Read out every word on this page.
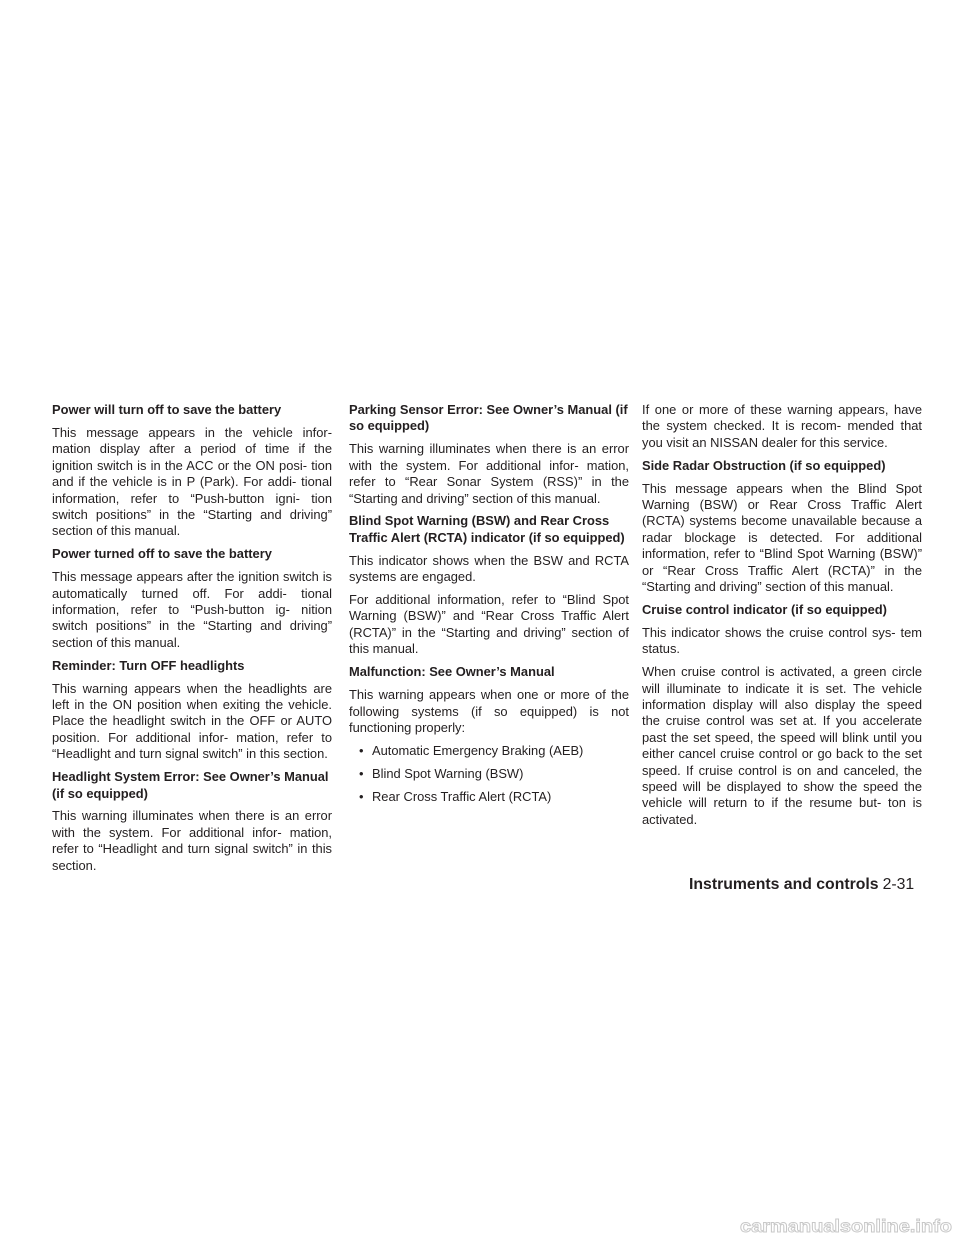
Power will turn off to save the battery
This message appears in the vehicle infor- mation display after a period of time if the ignition switch is in the ACC or the ON posi- tion and if the vehicle is in P (Park). For addi- tional information, refer to “Push-button igni- tion switch positions” in the “Starting and driving” section of this manual.
Power turned off to save the battery
This message appears after the ignition switch is automatically turned off. For addi- tional information, refer to “Push-button ig- nition switch positions” in the “Starting and driving” section of this manual.
Reminder: Turn OFF headlights
This warning appears when the headlights are left in the ON position when exiting the vehicle. Place the headlight switch in the OFF or AUTO position. For additional infor- mation, refer to “Headlight and turn signal switch” in this section.
Headlight System Error: See Owner’s Manual (if so equipped)
This warning illuminates when there is an error with the system. For additional infor- mation, refer to “Headlight and turn signal switch” in this section.
Parking Sensor Error: See Owner’s Manual (if so equipped)
This warning illuminates when there is an error with the system. For additional infor- mation, refer to “Rear Sonar System (RSS)” in the “Starting and driving” section of this manual.
Blind Spot Warning (BSW) and Rear Cross Traffic Alert (RCTA) indicator (if so equipped)
This indicator shows when the BSW and RCTA systems are engaged.
For additional information, refer to “Blind Spot Warning (BSW)” and “Rear Cross Traffic Alert (RCTA)” in the “Starting and driving” section of this manual.
Malfunction: See Owner’s Manual
This warning appears when one or more of the following systems (if so equipped) is not functioning properly:
• Automatic Emergency Braking (AEB)
• Blind Spot Warning (BSW)
• Rear Cross Traffic Alert (RCTA)
If one or more of these warning appears, have the system checked. It is recom- mended that you visit an NISSAN dealer for this service.
Side Radar Obstruction (if so equipped)
This message appears when the Blind Spot Warning (BSW) or Rear Cross Traffic Alert (RCTA) systems become unavailable because a radar blockage is detected. For additional information, refer to “Blind Spot Warning (BSW)” or “Rear Cross Traffic Alert (RCTA)” in the “Starting and driving” section of this manual.
Cruise control indicator (if so equipped)
This indicator shows the cruise control sys- tem status.
When cruise control is activated, a green circle will illuminate to indicate it is set. The vehicle information display will also display the speed the cruise control was set at. If you accelerate past the set speed, the speed will blink until you either cancel cruise control or go back to the set speed. If cruise control is on and canceled, the speed will be displayed to show the speed the vehicle will return to if the resume but- ton is activated.
Instruments and controls 2-31
carmanualsonline.info
